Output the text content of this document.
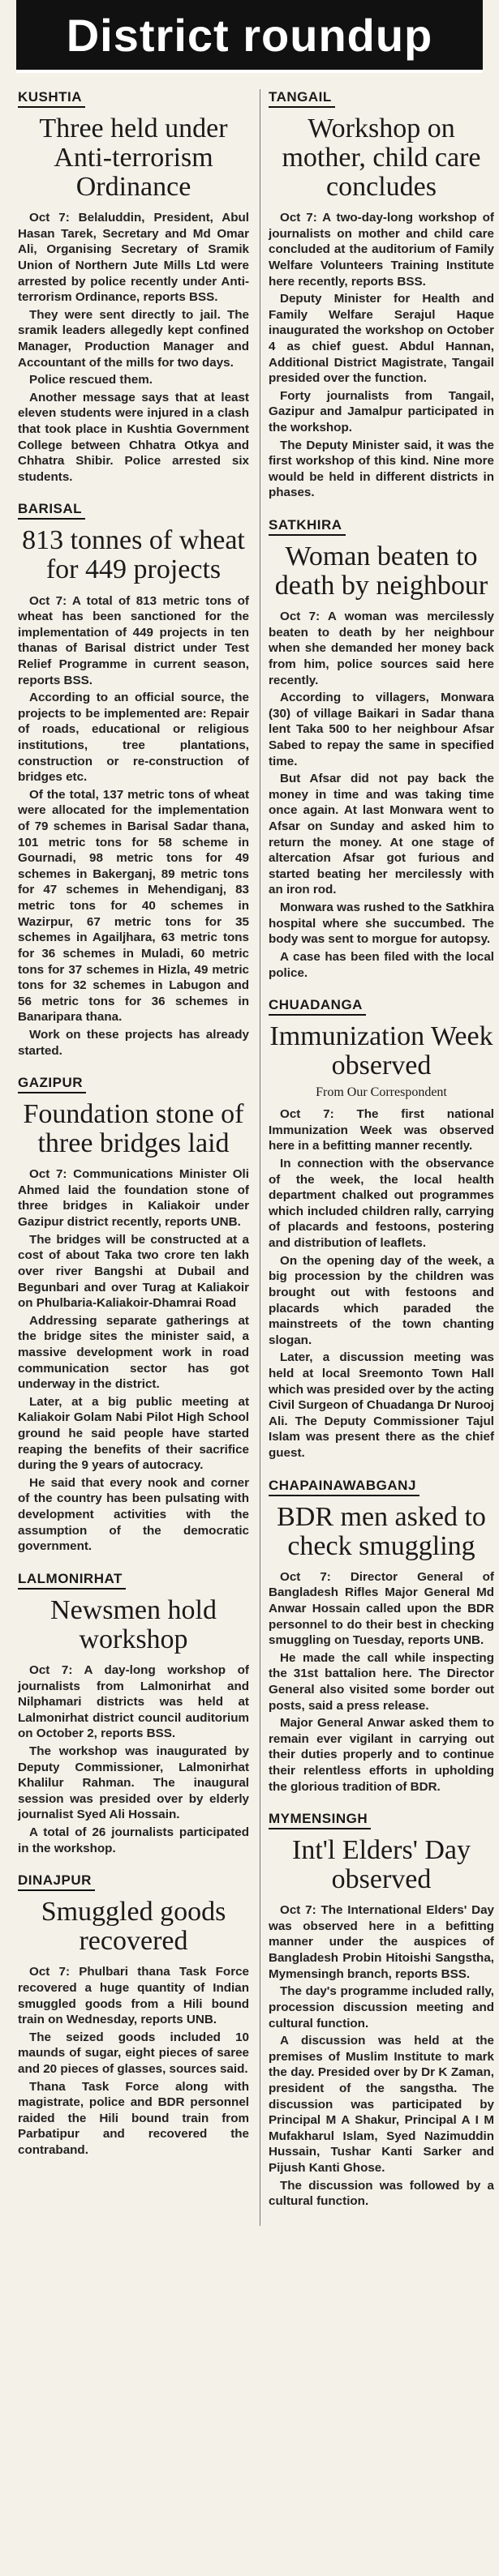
District roundup
KUSHTIA
Three held under Anti-terrorism Ordinance

Oct 7: Belaluddin, President, Abul Hasan Tarek, Secretary and Md Omar Ali, Organising Secretary of Sramik Union of Northern Jute Mills Ltd were arrested by police recently under Anti-terrorism Ordinance, reports BSS.

They were sent directly to jail. The sramik leaders allegedly kept confined Manager, Production Manager and Accountant of the mills for two days.

Police rescued them.

Another message says that at least eleven students were injured in a clash that took place in Kushtia Government College between Chhatra Otkya and Chhatra Shibir. Police arrested six students.

BARISAL
813 tonnes of wheat for 449 projects

Oct 7: A total of 813 metric tons of wheat has been sanctioned for the implementation of 449 projects in ten thanas of Barisal district under Test Relief Programme in current season, reports BSS.

According to an official source, the projects to be implemented are: Repair of roads, educational or religious institutions, tree plantations, construction or re-construction of bridges etc.

Of the total, 137 metric tons of wheat were allocated for the implementation of 79 schemes in Barisal Sadar thana, 101 metric tons for 58 scheme in Gournadi, 98 metric tons for 49 schemes in Bakerganj, 89 metric tons for 47 schemes in Mehendiganj, 83 metric tons for 40 schemes in Wazirpur, 67 metric tons for 35 schemes in Agailjhara, 63 metric tons for 36 schemes in Muladi, 60 metric tons for 37 schemes in Hizla, 49 metric tons for 32 schemes in Labugon and 56 metric tons for 36 schemes in Banaripara thana.

Work on these projects has already started.

GAZIPUR
Foundation stone of three bridges laid

Oct 7: Communications Minister Oli Ahmed laid the foundation stone of three bridges in Kaliakoir under Gazipur district recently, reports UNB.

The bridges will be constructed at a cost of about Taka two crore ten lakh over river Bangshi at Dubail and Begunbari and over Turag at Kaliakoir on Phulbaria-Kaliakoir-Dhamrai Road

Addressing separate gatherings at the bridge sites the minister said, a massive development work in road communication sector has got underway in the district.

Later, at a big public meeting at Kaliakoir Golam Nabi Pilot High School ground he said people have started reaping the benefits of their sacrifice during the 9 years of autocracy.

He said that every nook and corner of the country has been pulsating with development activities with the assumption of the democratic government.

LALMONIRHAT
Newsmen hold workshop

Oct 7: A day-long workshop of journalists from Lalmonirhat and Nilphamari districts was held at Lalmonirhat district council auditorium on October 2, reports BSS.

The workshop was inaugurated by Deputy Commissioner, Lalmonirhat Khalilur Rahman. The inaugural session was presided over by elderly journalist Syed Ali Hossain.

A total of 26 journalists participated in the workshop.

DINAJPUR
Smuggled goods recovered

Oct 7: Phulbari thana Task Force recovered a huge quantity of Indian smuggled goods from a Hili bound train on Wednesday, reports UNB.

The seized goods included 10 maunds of sugar, eight pieces of saree and 20 pieces of glasses, sources said.

Thana Task Force along with magistrate, police and BDR personnel raided the Hili bound train from Parbatipur and recovered the contraband.

TANGAIL
Workshop on mother, child care concludes

Oct 7: A two-day-long workshop of journalists on mother and child care concluded at the auditorium of Family Welfare Volunteers Training Institute here recently, reports BSS.

Deputy Minister for Health and Family Welfare Serajul Haque inaugurated the workshop on October 4 as chief guest. Abdul Hannan, Additional District Magistrate, Tangail presided over the function.

Forty journalists from Tangail, Gazipur and Jamalpur participated in the workshop.

The Deputy Minister said, it was the first workshop of this kind. Nine more would be held in different districts in phases.

SATKHIRA
Woman beaten to death by neighbour

Oct 7: A woman was mercilessly beaten to death by her neighbour when she demanded her money back from him, police sources said here recently.

According to villagers, Monwara (30) of village Baikari in Sadar thana lent Taka 500 to her neighbour Afsar Sabed to repay the same in specified time.

But Afsar did not pay back the money in time and was taking time once again. At last Monwara went to Afsar on Sunday and asked him to return the money. At one stage of altercation Afsar got furious and started beating her mercilessly with an iron rod.

Monwara was rushed to the Satkhira hospital where she succumbed. The body was sent to morgue for autopsy.

A case has been filed with the local police.

CHUADANGA
Immunization Week observed
From Our Correspondent

Oct 7: The first national Immunization Week was observed here in a befitting manner recently.

In connection with the observance of the week, the local health department chalked out programmes which included children rally, carrying of placards and festoons, postering and distribution of leaflets.

On the opening day of the week, a big procession by the children was brought out with festoons and placards which paraded the mainstreets of the town chanting slogan.

Later, a discussion meeting was held at local Sreemonto Town Hall which was presided over by the acting Civil Surgeon of Chuadanga Dr Nurooj Ali. The Deputy Commissioner Tajul Islam was present there as the chief guest.

CHAPAINAWABGANJ
BDR men asked to check smuggling

Oct 7: Director General of Bangladesh Rifles Major General Md Anwar Hossain called upon the BDR personnel to do their best in checking smuggling on Tuesday, reports UNB.

He made the call while inspecting the 31st battalion here. The Director General also visited some border out posts, said a press release.

Major General Anwar asked them to remain ever vigilant in carrying out their duties properly and to continue their relentless efforts in upholding the glorious tradition of BDR.

MYMENSINGH
Int'l Elders' Day observed

Oct 7: The International Elders' Day was observed here in a befitting manner under the auspices of Bangladesh Probin Hitoishi Sangstha, Mymensingh branch, reports BSS.

The day's programme included rally, procession discussion meeting and cultural function.

A discussion was held at the premises of Muslim Institute to mark the day. Presided over by Dr K Zaman, president of the sangstha. The discussion was participated by Principal M A Shakur, Principal A I M Mufakharul Islam, Syed Nazimuddin Hussain, Tushar Kanti Sarker and Pijush Kanti Ghose.

The discussion was followed by a cultural function.
